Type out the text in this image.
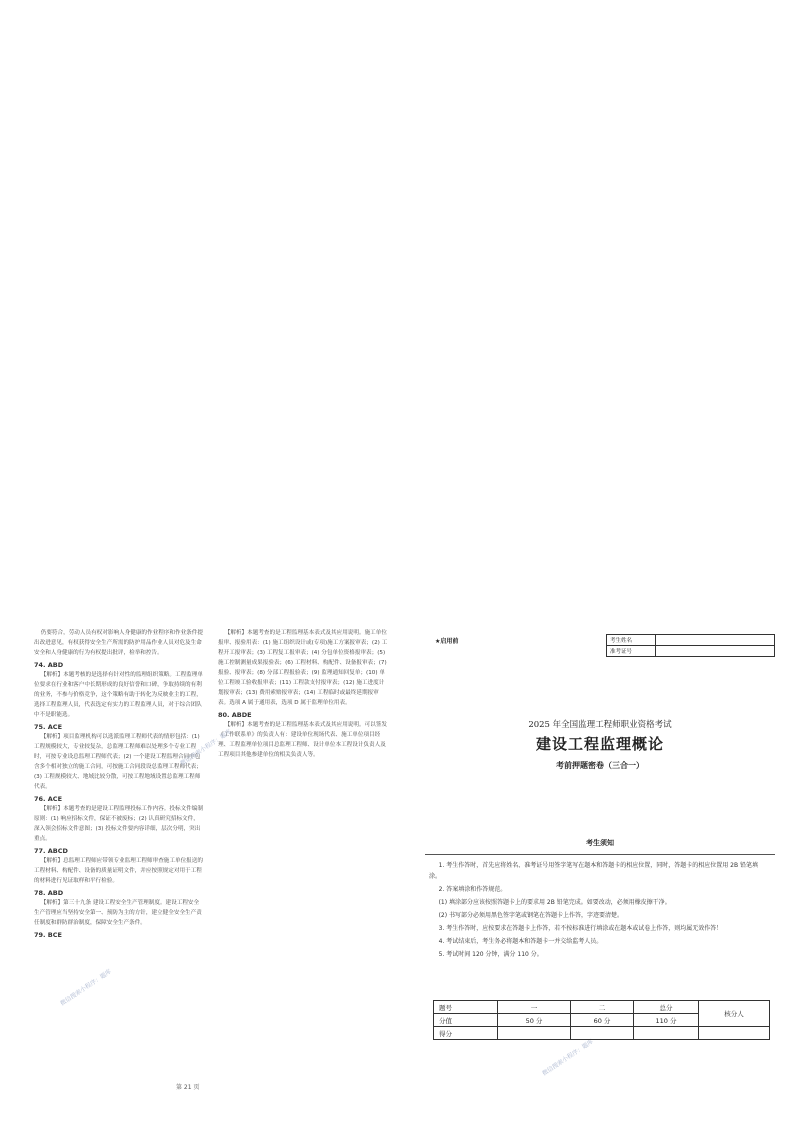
仍要符合，劳动人员有权对影响人身健康的作业程序和作业条件提出改进意见，有权获得安全生产所需的防护用品作业人员对危及生命安全和人身健康的行为有权提出批评，检举和控告。
74. ABD
【解析】本题考核的是选择有针对性的监理组织策略。工程监理单位要求在行业和客户中长期形成的良好信誉和口碑，争取持续的有利的业务，不参与价格竞争，这个策略有助于转化为反映业主的工程，选择工程监理人员，代表选定有实力的工程监理人员，对于综合团队中不是职能选。
75. ACE
【解析】项目监理机构可以选派监理工程师代表的情形包括：(1) 工程规模较大，专业较复杂，总监理工程师难以处理多个专业工程时，可按专业设总监理工程师代表；(2) 一个建设工程监理合同中包含多个相对独立的施工合同，可按施工合同段设总监理工程师代表；(3) 工程规模较大、地域比较分散，可按工程地域设置总监理工程师代表。
76. ACE
【解析】本题考查的是建设工程监理投标工作内容。投标文件编制原则：(1) 响应招标文件，保证不被废标；(2) 认真研究招标文件，深入领会招标文件意图；(3) 投标文件要内容详细，层次分明，突出重点。
77. ABCD
【解析】总监理工程师应带领专业监理工程师审查施工单位报送的工程材料、构配件、设备的质量证明文件，并应按照规定对用于工程的材料进行见证取样和平行检验。
78. ABD
【解析】第三十九条 建设工程安全生产管理制度。建设工程安全生产管理应当坚持安全第一、预防为主的方针，建立健全安全生产责任制度和群防群治制度，保障安全生产条件。
79. BCE
【解析】本题考查的是工程监理基本表式及其应用说明。施工单位报审、报验用表：(1) 施工组织设计或(专项)施工方案报审表；(2) 工程开工报审表；(3) 工程复工报审表；(4) 分包单位资格报审表；(5) 施工控制测量成果报验表；(6) 工程材料、构配件、设备报审表；(7) 报验、报审表；(8) 分部工程报验表；(9) 监理通知回复单；(10) 单位工程竣工验收报审表；(11) 工程款支付报审表；(12) 施工进度计划报审表；(13) 费用索赔报审表；(14) 工程临时或最终延期报审表。选项 A 属于通用表，选项 D 属于监理单位用表。
80. ABDE
【解析】本题考查的是工程监理基本表式及其应用说明。可以签发《工作联系单》的负责人有：建设单位现场代表、施工单位项目经理、工程监理单位项目总监理工程师、设计单位本工程设计负责人及工程项目其他参建单位的相关负责人等。
微信搜索小程序：题库
微信搜索小程序：题库
微信搜索小程序：题库
第 21 页
★启用前	考生姓名	
准考证号	
2025 年全国监理工程师职业资格考试
建设工程监理概论
考前押题密卷（三合一）
考生须知

1. 考生作答时，首先应将姓名、准考证号用签字笔写在题本和答题卡的相应位置，同时，答题卡的相应位置用 2B 铅笔填涂。

2. 答案填涂和作答规范。

(1) 填涂部分应该按照答题卡上的要求用 2B 铅笔完成。如要改动，必须用橡皮擦干净。

(2) 书写部分必须用黑色签字笔或钢笔在答题卡上作答，字迹要清楚。

3. 考生作答时，应按要求在答题卡上作答，若不按标准进行填涂或在题本或试卷上作答，则均属无效作答！

4. 考试结束后，考生务必将题本和答题卡一并交给监考人员。

5. 考试时间 120 分钟，满分 110 分。

题号	一	二	总分	核分人
分值	50 分	60 分	110 分	
得分				
